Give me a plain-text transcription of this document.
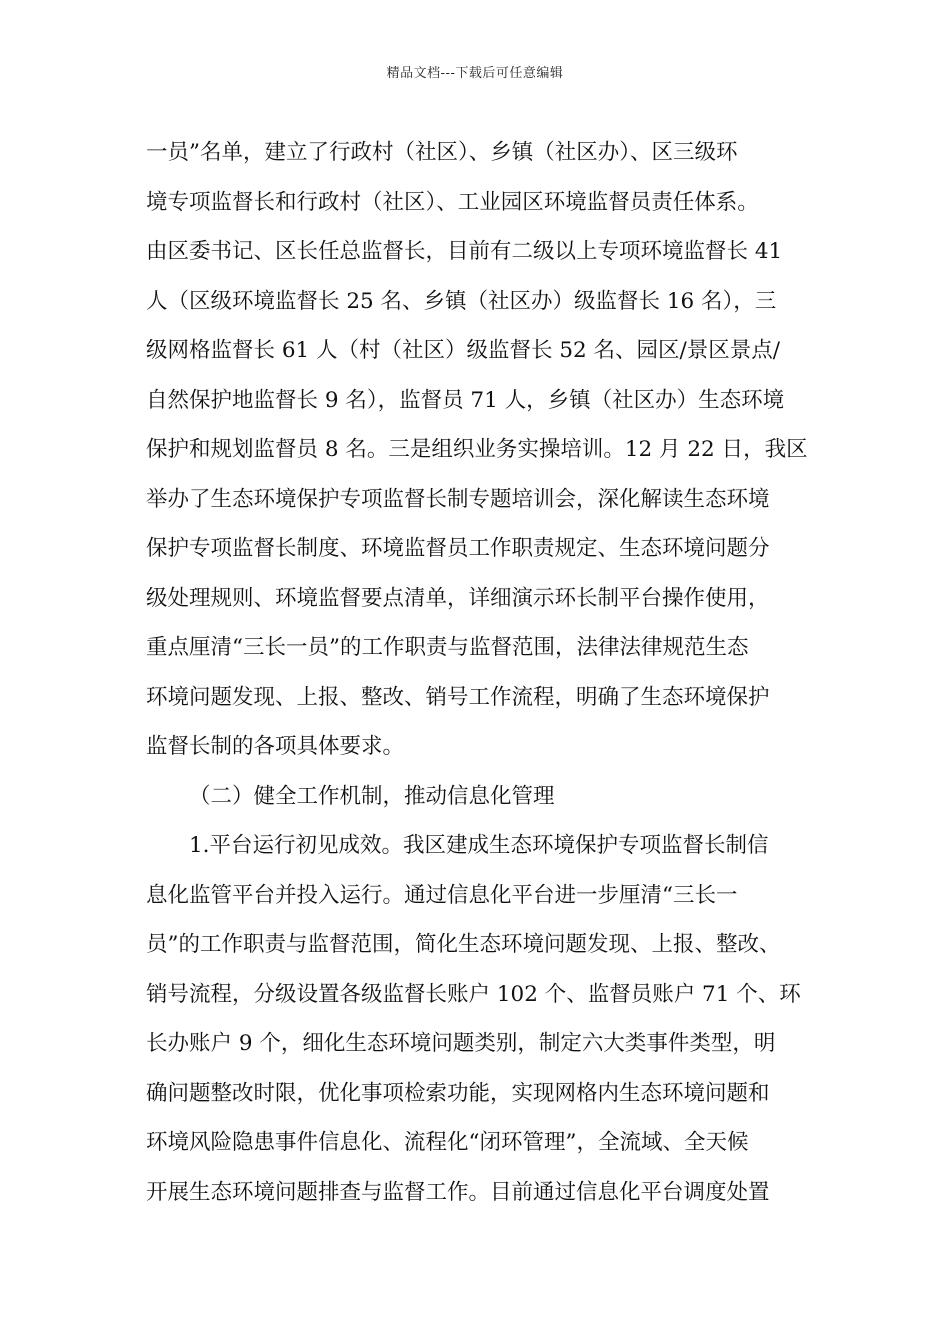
精品文档---下载后可任意编辑
一员”名单，建立了行政村（社区）、乡镇（社区办）、区三级环
境专项监督长和行政村（社区）、工业园区环境监督员责任体系。
由区委书记、区长任总监督长，目前有二级以上专项环境监督长 41
人（区级环境监督长 25 名、乡镇（社区办）级监督长 16 名），三
级网格监督长 61 人（村（社区）级监督长 52 名、园区/景区景点/
自然保护地监督长 9 名），监督员 71 人，乡镇（社区办）生态环境
保护和规划监督员 8 名。三是组织业务实操培训。12 月 22 日，我区
举办了生态环境保护专项监督长制专题培训会，深化解读生态环境
保护专项监督长制度、环境监督员工作职责规定、生态环境问题分
级处理规则、环境监督要点清单，详细演示环长制平台操作使用，
重点厘清“三长一员”的工作职责与监督范围，法律法律规范生态
环境问题发现、上报、整改、销号工作流程，明确了生态环境保护
监督长制的各项具体要求。
（二）健全工作机制，推动信息化管理
1.平台运行初见成效。我区建成生态环境保护专项监督长制信
息化监管平台并投入运行。通过信息化平台进一步厘清“三长一
员”的工作职责与监督范围，简化生态环境问题发现、上报、整改、
销号流程，分级设置各级监督长账户 102 个、监督员账户 71 个、环
长办账户 9 个，细化生态环境问题类别，制定六大类事件类型，明
确问题整改时限，优化事项检索功能，实现网格内生态环境问题和
环境风险隐患事件信息化、流程化“闭环管理”，全流域、全天候
开展生态环境问题排查与监督工作。目前通过信息化平台调度处置
